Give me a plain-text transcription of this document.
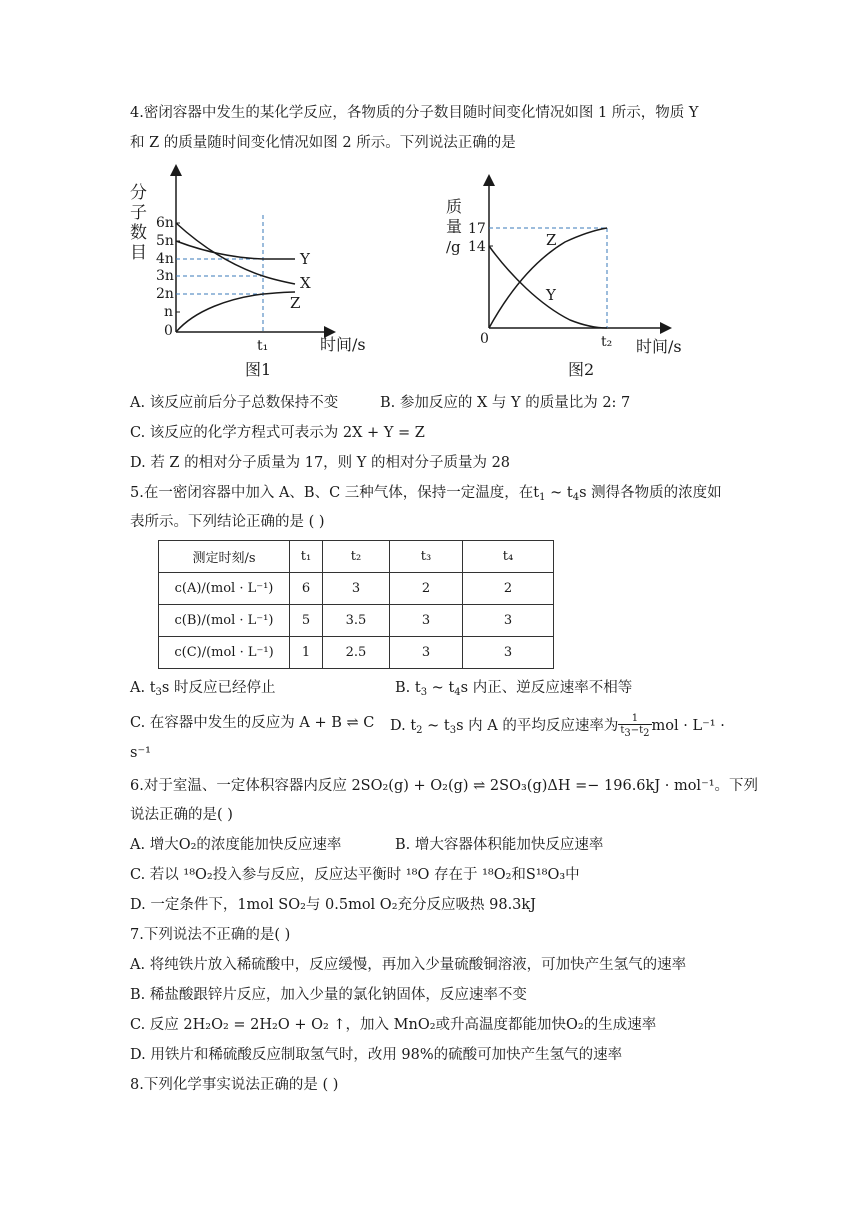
4.密闭容器中发生的某化学反应，各物质的分子数目随时间变化情况如图 1 所示，物质 Y
和 Z 的质量随时间变化情况如图 2 所示。下列说法正确的是
分
子
数
目
6n
5n
4n
3n
2n
n
0
Y
X
Z
t₁	时间/s
图1
质
量
/g
17
14
0
Z
Y
t₂ 时间/s
图2
A. 该反应前后分子总数保持不变	B. 参加反应的 X 与 Y 的质量比为 2: 7
C. 该反应的化学方程式可表示为 2X + Y = Z
D. 若 Z 的相对分子质量为 17，则 Y 的相对分子质量为 28
5.在一密闭容器中加入 A、B、C 三种气体，保持一定温度，在$t_1$ ~ $t_4s$ 测得各物质的浓度如
表所示。下列结论正确的是 ( )
测定时刻/s	t₁	t₂	t₃	t₄
c(A)/(mol · L⁻¹)	6	3	2	2
c(B)/(mol · L⁻¹)	5	3.5	3	3
c(C)/(mol · L⁻¹)	1	2.5	3	3
A. $t_3s$ 时反应已经停止	B. $t_3$ ~ $t_4s$ 内正、逆反应速率不相等
C. 在容器中发生的反应为 A + B ⇌ C D. $t_2$ ~ $t_3s$ 内 A 的平均反应速率为 $\frac{1}{t_3-t_2}$ mol · L⁻¹ ·
s⁻¹
6.对于室温、一定体积容器内反应 2SO₂(g) + O₂(g) ⇌ 2SO₃(g)ΔH =− 196.6kJ · mol⁻¹。下列
说法正确的是( )
A. 增大O₂的浓度能加快反应速率	B. 增大容器体积能加快反应速率
C. 若以 ¹⁸O₂投入参与反应，反应达平衡时 ¹⁸O 存在于 ¹⁸O₂和S¹⁸O₃中
D. 一定条件下，1mol SO₂与 0.5mol O₂充分反应吸热 98.3kJ
7.下列说法不正确的是( )
A. 将纯铁片放入稀硫酸中，反应缓慢，再加入少量硫酸铜溶液，可加快产生氢气的速率
B. 稀盐酸跟锌片反应，加入少量的氯化钠固体，反应速率不变
C. 反应 2H₂O₂ = 2H₂O + O₂ ↑，加入 MnO₂或升高温度都能加快O₂的生成速率
D. 用铁片和稀硫酸反应制取氢气时，改用 98%的硫酸可加快产生氢气的速率
8.下列化学事实说法正确的是 ( )
